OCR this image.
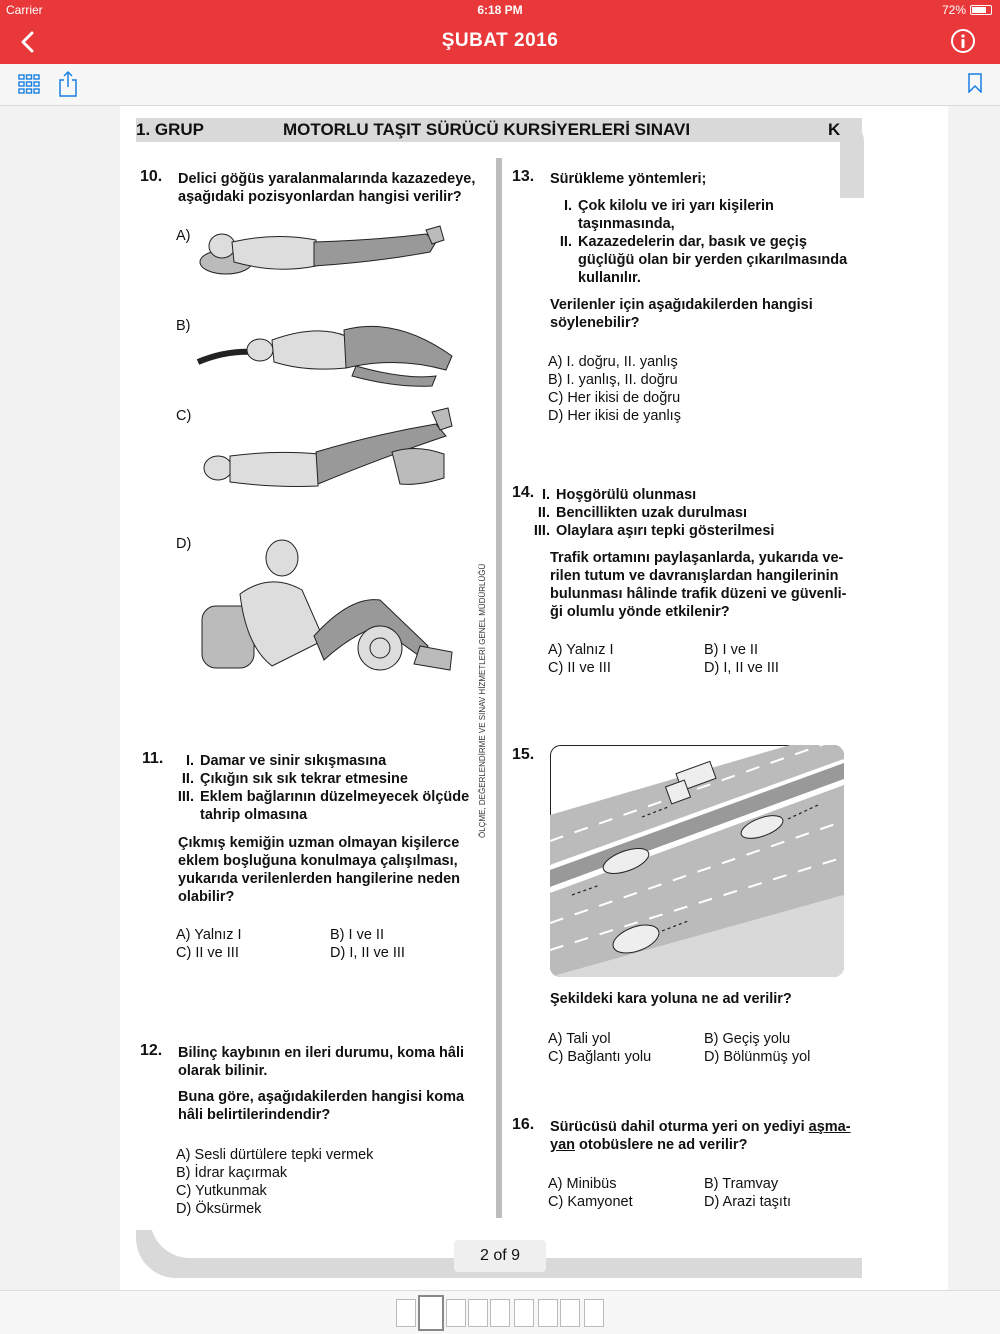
Carrier	6:18 PM	72%
ŞUBAT 2016
1. GRUP	MOTORLU TAŞIT SÜRÜCÜ KURSİYERLERİ SINAVI	K
ÖLÇME, DEĞERLENDİRME VE SINAV HİZMETLERİ GENEL MÜDÜRLÜĞÜ
10. Delici göğüs yaralanmalarında kazazedeye,
aşağıdaki pozisyonlardan hangisi verilir?
A)
B)
C)
D)
11.	I. Damar ve sinir sıkışmasına
II. Çıkığın sık sık tekrar etmesine
III. Eklem bağlarının düzelmeyecek ölçüde
tahrip olmasına
Çıkmış kemiğin uzman olmayan kişilerce
eklem boşluğuna konulmaya çalışılması,
yukarıda verilenlerden hangilerine neden
olabilir?
A) Yalnız I	B) I ve II
C) II ve III	D) I, II ve III
12. Bilinç kaybının en ileri durumu, koma hâli
olarak bilinir.
Buna göre, aşağıdakilerden hangisi koma
hâli belirtilerindendir?
A) Sesli dürtülere tepki vermek
B) İdrar kaçırmak
C) Yutkunmak
D) Öksürmek
13. Sürükleme yöntemleri;
I. Çok kilolu ve iri yarı kişilerin
taşınmasında,
II. Kazazedelerin dar, basık ve geçiş
güçlüğü olan bir yerden çıkarılmasında
kullanılır.
Verilenler için aşağıdakilerden hangisi
söylenebilir?
A) I. doğru, II. yanlış
B) I. yanlış, II. doğru
C) Her ikisi de doğru
D) Her ikisi de yanlış
14. I. Hoşgörülü olunması
II. Bencillikten uzak durulması
III. Olaylara aşırı tepki gösterilmesi
Trafik ortamını paylaşanlarda, yukarıda ve-
rilen tutum ve davranışlardan hangilerinin
bulunması hâlinde trafik düzeni ve güvenli-
ği olumlu yönde etkilenir?
A) Yalnız I	B) I ve II
C) II ve III	D) I, II ve III
15.
Şekildeki kara yoluna ne ad verilir?
A) Tali yol	B) Geçiş yolu
C) Bağlantı yolu	D) Bölünmüş yol
16. Sürücüsü dahil oturma yeri on yediyi aşma-
yan otobüslere ne ad verilir?
A) Minibüs	B) Tramvay
C) Kamyonet	D) Arazi taşıtı
2 of 9
